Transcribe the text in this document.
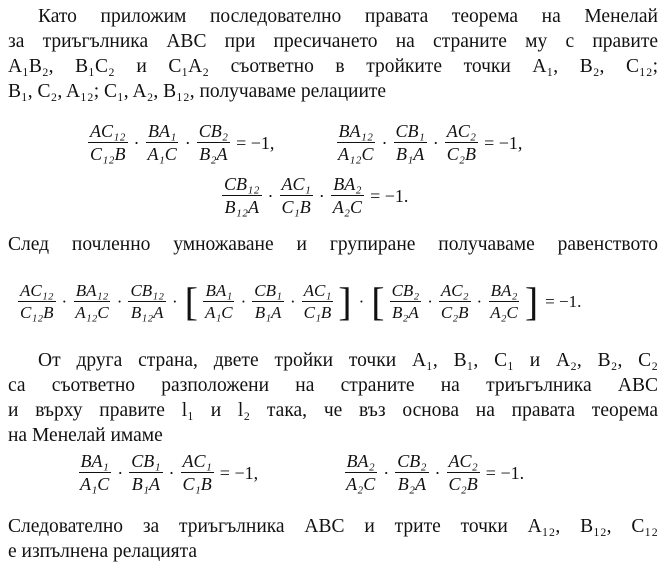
Като приложим последователно правата теорема на Менелай
за триъгълника ABC при пресичането на страните му с правите
A₁B₂, B₁C₂ и C₁A₂ съответно в тройките точки A₁, B₂, C₁₂;
B₁, C₂, A₁₂; C₁, A₂, B₁₂, получаваме релациите
$\frac{\text{AC₁₂}}{\text{C₁₂B}} \cdot \frac{\text{BA₁}}{\text{A₁C}} \cdot \frac{\text{CB₂}}{\text{B₂A}} = -1$,	$\frac{\text{BA₁₂}}{\text{A₁₂C}} \cdot \frac{\text{CB₁}}{\text{B₁A}} \cdot \frac{\text{AC₂}}{\text{C₂B}} = -1$,
$\frac{\text{CB₁₂}}{\text{B₁₂A}} \cdot \frac{\text{AC₁}}{\text{C₁B}} \cdot \frac{\text{BA₂}}{\text{A₂C}} = -1$.
След почленно умножаване и групиране получаваме равенството
$\frac{\text{AC₁₂}}{\text{C₁₂B}} \cdot \frac{\text{BA₁₂}}{\text{A₁₂C}} \cdot \frac{\text{CB₁₂}}{\text{B₁₂A}}$ · [ $\frac{\text{BA₁}}{\text{A₁C}} \cdot \frac{\text{CB₁}}{\text{B₁A}} \cdot \frac{\text{AC₁}}{\text{C₁B}}$ ] · [ $\frac{\text{CB₂}}{\text{B₂A}} \cdot \frac{\text{AC₂}}{\text{C₂B}} \cdot \frac{\text{BA₂}}{\text{A₂C}}$ ] = −1.
От друга страна, двете тройки точки A₁, B₁, C₁ и A₂, B₂, C₂
са съответно разположени на страните на триъгълника ABC
и върху правите l₁ и l₂ така, че въз основа на правата теорема
на Менелай имаме
$\frac{\text{BA₁}}{\text{A₁C}} \cdot \frac{\text{CB₁}}{\text{B₁A}} \cdot \frac{\text{AC₁}}{\text{C₁B}} = -1$,	$\frac{\text{BA₂}}{\text{A₂C}} \cdot \frac{\text{CB₂}}{\text{B₂A}} \cdot \frac{\text{AC₂}}{\text{C₂B}} = -1$.
Следователно за триъгълника ABC и трите точки A₁₂, B₁₂, C₁₂
е изпълнена релацията
